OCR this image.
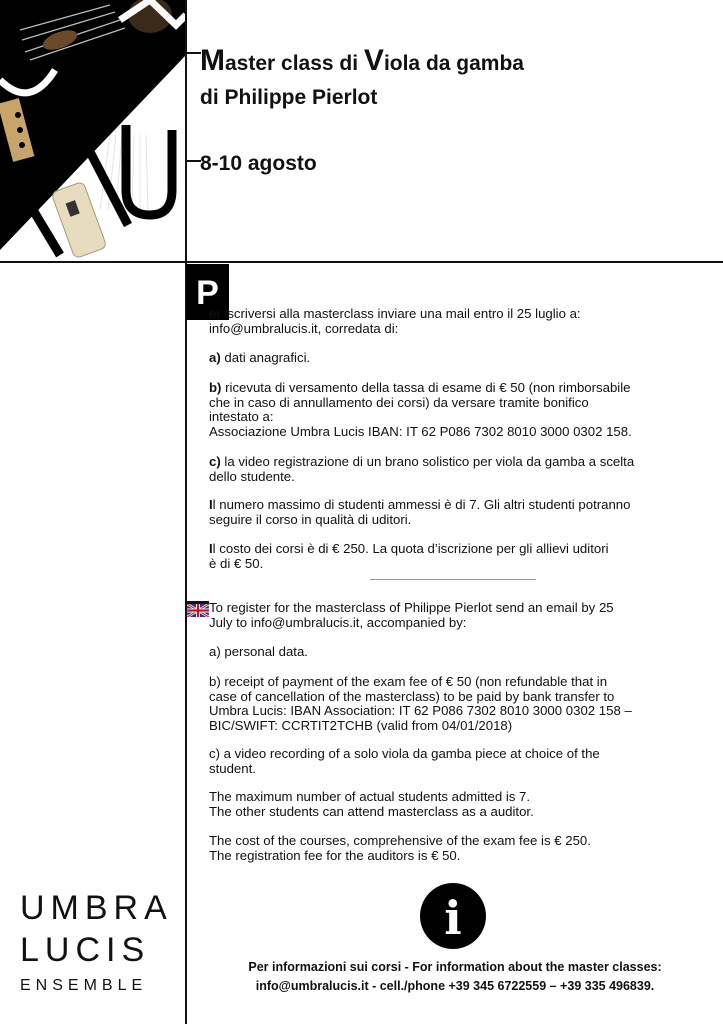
Master class di Viola da gamba
di Philippe Pierlot
8-10 agosto
P
er iscriversi alla masterclass inviare una mail entro il 25 luglio a:
info@umbralucis.it, corredata di:
a) dati anagrafici.
b) ricevuta di versamento della tassa di esame di € 50 (non rimborsabile
che in caso di annullamento dei corsi) da versare tramite bonifico
intestato a:
Associazione Umbra Lucis IBAN: IT 62 P086 7302 8010 3000 0302 158.
c) la video registrazione di un brano solistico per viola da gamba a scelta
dello studente.
Il numero massimo di studenti ammessi è di 7. Gli altri studenti potranno
seguire il corso in qualità di uditori.
Il costo dei corsi è di € 250. La quota d’iscrizione per gli allievi uditori
è di € 50.
To register for the masterclass of Philippe Pierlot send an email by 25
July to info@umbralucis.it, accompanied by:
a) personal data.
b) receipt of payment of the exam fee of € 50 (non refundable that in
case of cancellation of the masterclass) to be paid by bank transfer to
Umbra Lucis: IBAN Association: IT 62 P086 7302 8010 3000 0302 158 –
BIC/SWIFT: CCRTIT2TCHB (valid from 04/01/2018)
c) a video recording of a solo viola da gamba piece at choice of the
student.
The maximum number of actual students admitted is 7.
The other students can attend masterclass as a auditor.
The cost of the courses, comprehensive of the exam fee is € 250.
The registration fee for the auditors is € 50.
UMBRA
LUCIS
ENSEMBLE
i
Per informazioni sui corsi - For information about the master classes:
info@umbralucis.it - cell./phone +39 345 6722559 – +39 335 496839.
